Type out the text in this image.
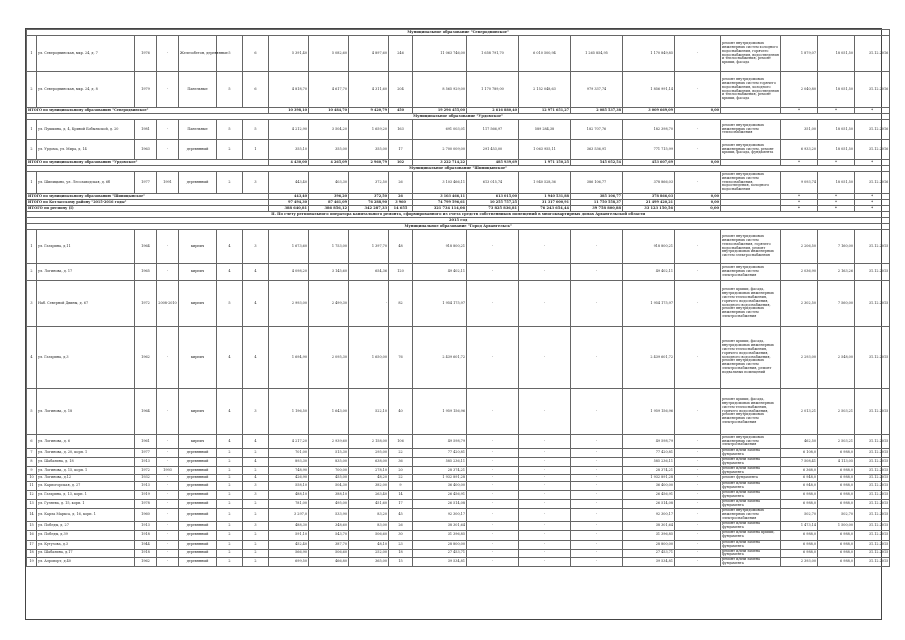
Муниципальное образование "Северодвинское"																				
1	ул. Северодвинская, мкр. 24, д. 7	1976	-	Железобетон, деревянные	5	6	5 391,40	5 082,60	4 897,60	246	11 063 746,00	1 658 791,70	6 010 500,94	1 265 854,95	1 170 849,85	-	ремонт внутридомовых инженерных систем холодного водоснабжения, горячего водоснабжения, водоотведения и теплоснабжения, ремонт крыши, фасада	1 879,07	18 051,50	31.12.2016
2	ул. Северодвинская, мкр. 24, д. 8	1979	-	Панельные	5	6	4 818,70	4 617,70	4 311,60	204	8 565 929,00	1 170 789,00	2 152 048,63	979 337,74	1 856 991,14	-	ремонт внутридомовых инженерных систем горячего водоснабжения, холодного водоснабжения, водоотведения и теплоснабжения, ремонт крыши, фасада	2 040,80	18 051,50	31.12.2016
ИТОГО по муниципальному образованию "Северодвинское"							10 398,10	10 484,70	9 420,79	450	19 296 455,00	2 616 880,40	12 971 651,27	2 085 537,38	3 009 669,09	0,00		*	*	*
Муниципальное образование "Урдомское"																				
1	ул. Пушкина, д. 4, Кривой Бобыльской, д. 20	1981	-	Панельные	5	5	4 212,90	3 504,20	1 659,20	163	691 003,01	117 566,97	589 284,38	182 707,76	182 398,70	-	ремонт внутридомовых инженерных систем теплоснабжения	351,00	18 051,50	31.12.2016
2	ул. Урдома, ул. Мира, д. 14	1963	-	деревянный	2	1	355,10	355,00	355,00	17	2 700 009,00	291 453,00	1 063 955,11	363 536,91	771 715,99	-	ремонт внутридомовых инженерных систем, ремонт крыши, фасада, фундамента	6 933,20	18 051,50	31.12.2016
ИТОГО по муниципальному образованию "Урдомское"							4 430,00	4 265,09	2 960,79	102	3 222 714,22	485 939,69	1 971 150,25	545 052,54	453 607,69	0,00		*	*	*
Муниципальное образование "Шипицынское"																				
1	ул. Шипицыно, ул. Лесозаводская, д. 6б	1977	1991	деревянный	2	3	443,40	403,30	372,50	26	3 103 466,11	613 015,74	1 940 528,36	386 106,77	378 866,03	-	ремонт внутридомовых инженерных систем теплоснабжения, водоотведения, холодного водоснабжения	9 093,74	18 051,50	31.12.2016
ИТОГО по муниципальному образованию "Шипицынское"							443,40	396,20	372,50	26	3 103 466,11	613 015,00	1 940 531,88	385 106,77	378 866,03	0,00		*	*	*
ИТОГО по Котласскому району "2015-2016 годы"							97 494,30	87 461,09	76 288,90	3 960	74 799 596,61	10 255 757,25	31 317 000,91	11 750 558,37	21 499 420,21	0,00		*	*	*
ИТОГО по региону (I)							388 640,81	386 856,12	342 287,33	14 655	321 734 114,06	73 825 836,81	76 243 654,44	39 758 800,88	33 123 150,56	0,00		*	*	*
II. По счету регионального оператора капитального ремонта, сформированного из счета средств собственников помещений в многоквартирных домах Архангельской области																				
2015 год																				
Муниципальное образование "Город Архангельск"																				
1	ул. Гагарина, д.11	1964	-	кирпич	4	3	1 673,60	1 753,00	1 397,70	48	918 800,21	-	-	-	918 800,21	-	ремонт внутридомовых инженерных систем теплоснабжения, горячего водоснабжения, ремонт внутридомовых инженерных систем электроснабжения	2 206,50	7 160,00	31.12.2015
2	ул. Логинова, д. 17	1965	-	кирпич	4	4	4 098,20	3 145,60	654,36	120	49 402,11	-	-	-	49 402,11	-	ремонт внутридомовых инженерных систем электроснабжения	2 036,90	2 163,26	31.12.2015
3	Наб. Северной Двины, д. 67	1972	2008-2010	кирпич	5	4	2 993,00	2 499,30	-	82	1 954 175,97	-	-	-	1 954 175,97	-	ремонт крыши, фасада, внутридомовых инженерных систем теплоснабжения, горячего водоснабжения, холодного водоснабжения, ремонт внутридомовых инженерных систем электроснабжения	2 302,50	7 560,00	31.12.2015
4	ул. Гагарина, д.3	1962	-	кирпич	4	4	1 694,90	2 095,30	1 650,00	76	2 439 601,72	-	-	-	2 439 601,72	-	ремонт крыши, фасада, внутридомовых инженерных систем теплоснабжения, горячего водоснабжения, холодного водоснабжения, ремонт внутридомовых инженерных систем электроснабжения, ремонт подвальных помещений	2 293,00	2 548,00	31.12.2015
5	ул. Логинова, д. 18	1964	-	кирпич	4	3	1 196,50	1 643,00	522,10	40	1 959 156,96	-	-	-	1 959 156,96	-	ремонт крыши, фасада, внутридомовых инженерных систем теплоснабжения, горячего водоснабжения, ремонт внутридомовых инженерных систем электроснабжения	2 013,21	2 503,21	31.12.2015
6	ул. Логинова, д. 6	1961	-	кирпич	4	4	4 217,20	2 939,60	2 158,00	106	49 598,79	-	-	-	49 598,79	-	ремонт внутридомовых инженерных систем электроснабжения	462,50	2 503,21	31.12.2015
7	ул. Логинова, д. 20, корп. 1	1977	-	деревянный	2	2	701,00	515,30	295,00	22	77 420,81	-	-	-	77 420,81	-	ремонт и/или замена фундамента	6 108,0	6 988,0	31.12.2015
8	ул. Шабалина, д. 18	1913	-	деревянный	2	4	893,30	835,00	638,00	36	585 236,11	-	-	-	585 236,11	-	ремонт и/или замена фундамента	7 508,41	4 113,05	31.12.2015
9	ул. Логинова, д. 15, корп. 1	1972	1993	деревянный	2	2	748,90	700,00	278,10	20	28 374,21	-	-	-	28 374,21	-	ремонт и/или замена фундамента	6 368,0	6 988,0	31.12.2015
10	ул. Логинова, д.12	1932	-	деревянный	2	4	426,90	455,00	48,20	22	1 932 891,28	-	-	-	1 932 891,28	-	ремонт фундамента	6 948,0	6 988,0	31.12.2015
11	ул. Карпогорская, д. 27	1913	-	деревянный	2	3	558,10	504,30	382,00	9	36 400,00	-	-	-	36 400,00	-	ремонт и/или замена фундамента	6 948,0	6 988,0	31.12.2015
12	ул. Гагарина, д. 13, корп. 1	1919	-	деревянный	2	3	488,10	388,10	263,40	14	26 456,91	-	-	-	26 456,91	-	ремонт и/или замена фундамента	6 988,0	6 988,0	31.12.2015
13	ул. Гуляева, д. 15, корп. 1	1978	-	деревянный	2	2	781,00	495,00	451,60	17	26 514,08	-	-	-	26 514,08	-	ремонт и/или замена фундамента	6 988,0	6 988,0	31.12.2015
14	ул. Карла Маркса, д. 16, корп. 1	1960	-	деревянный	2	2	3 297,0	533,90	83,20	45	92 300,17	-	-	-	92 300,17	-	ремонт внутридомовых инженерных систем электроснабжения	502,70	502,70	31.12.2015
15	ул. Победы, д. 27	1913	-	деревянный	2	3	488,30	348,60	83,00	26	38 301,64	-	-	-	38 301,64	-	ремонт и/или замена фундамента	1 473,14	1 500,00	31.12.2015
16	ул. Победы, д.39	1918	-	деревянный	2	2	591,10	543,70	506,60	30	31 396,85	-	-	-	31 396,85	-	ремонт и/или замена крыши, фундамента	6 988,0	6 988,0	31.12.2015
17	ул. Кутузова, д.3	1944	-	деревянный	2	2	452,40	387,70	48,10	23	28 800,00	-	-	-	28 800,00	-	ремонт и/или замена фундамента	6 988,0	6 988,0	31.12.2015
18	ул. Шабалина, д.17	1918	-	деревянный	2	2	566,90	506,60	252,00	18	27 453,71	-	-	-	27 453,71	-	ремонт и/или замена фундамента	6 988,0	6 988,0	31.12.2015
19	ул. Аэропорт, д.40	1962	-	деревянный	2	2	699,50	466,80	365,00	15	39 534,81	-	-	-	39 534,81	-	ремонт и/или замена фундамента	2 393,00	6 988,0	31.12.2015
